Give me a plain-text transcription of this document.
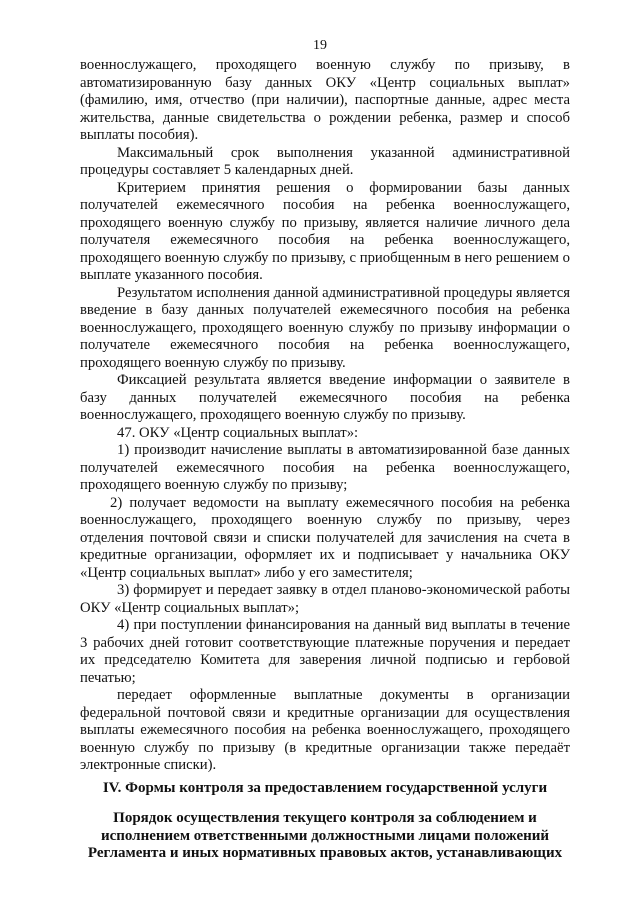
19

военнослужащего, проходящего военную службу по призыву, в автоматизированную базу данных ОКУ «Центр социальных выплат» (фамилию, имя, отчество (при наличии), паспортные данные, адрес места жительства, данные свидетельства о рождении ребенка, размер и способ выплаты пособия).

Максимальный срок выполнения указанной административной процедуры составляет 5 календарных дней.

Критерием принятия решения о формировании базы данных получателей ежемесячного пособия на ребенка военнослужащего, проходящего военную службу по призыву, является наличие личного дела получателя ежемесячного пособия на ребенка военнослужащего, проходящего военную службу по призыву, с приобщенным в него решением о выплате указанного пособия.

Результатом исполнения данной административной процедуры является введение в базу данных получателей ежемесячного пособия на ребенка военнослужащего, проходящего военную службу по призыву информации о получателе ежемесячного пособия на ребенка военнослужащего, проходящего военную службу по призыву.

Фиксацией результата является введение информации о заявителе в базу данных получателей ежемесячного пособия на ребенка военнослужащего, проходящего военную службу по призыву.

47. ОКУ «Центр социальных выплат»:

1) производит начисление выплаты в автоматизированной базе данных получателей ежемесячного пособия на ребенка военнослужащего, проходящего военную службу по призыву;

2) получает ведомости на выплату ежемесячного пособия на ребенка военнослужащего, проходящего военную службу по призыву, через отделения почтовой связи и списки получателей для зачисления на счета в кредитные организации, оформляет их и подписывает у начальника ОКУ «Центр социальных выплат» либо у его заместителя;

3) формирует и передает заявку в отдел планово-экономической работы ОКУ «Центр социальных выплат»;

4) при поступлении финансирования на данный вид выплаты в течение 3 рабочих дней готовит соответствующие платежные поручения и передает их председателю Комитета для заверения личной подписью и гербовой печатью;

передает оформленные выплатные документы в организации федеральной почтовой связи и кредитные организации для осуществления выплаты ежемесячного пособия на ребенка военнослужащего, проходящего военную службу по призыву (в кредитные организации также передаёт электронные списки).

IV. Формы контроля за предоставлением государственной услуги

Порядок осуществления текущего контроля за соблюдением и исполнением ответственными должностными лицами положений Регламента и иных нормативных правовых актов, устанавливающих
